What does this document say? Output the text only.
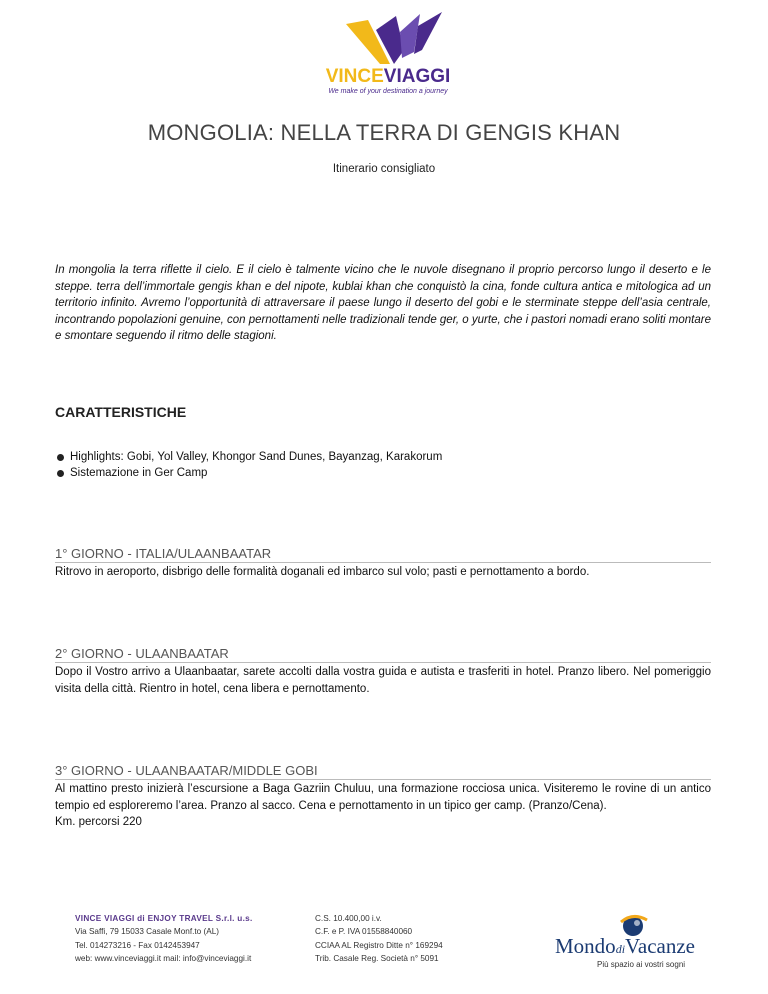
VINCEVIAGGI
We make of your destination a journey
MONGOLIA: NELLA TERRA DI GENGIS KHAN
Itinerario consigliato
In mongolia la terra riflette il cielo. E il cielo è talmente vicino che le nuvole disegnano il proprio percorso lungo il deserto e le steppe. terra dell’immortale gengis khan e del nipote, kublai khan che conquistò la cina, fonde cultura antica e mitologica ad un territorio infinito. Avremo l’opportunità di attraversare il paese lungo il deserto del gobi e le sterminate steppe dell’asia centrale, incontrando popolazioni genuine, con pernottamenti nelle tradizionali tende ger, o yurte, che i pastori nomadi erano soliti montare e smontare seguendo il ritmo delle stagioni.
CARATTERISTICHE
Highlights: Gobi, Yol Valley, Khongor Sand Dunes, Bayanzag, Karakorum
Sistemazione in Ger Camp
1° GIORNO - ITALIA/ULAANBAATAR
Ritrovo in aeroporto, disbrigo delle formalità doganali ed imbarco sul volo; pasti e pernottamento a bordo.
2° GIORNO - ULAANBAATAR
Dopo il Vostro arrivo a Ulaanbaatar, sarete accolti dalla vostra guida e autista e trasferiti in hotel. Pranzo libero. Nel pomeriggio visita della città. Rientro in hotel, cena libera e pernottamento.
3° GIORNO - ULAANBAATAR/MIDDLE GOBI
Al mattino presto inizierà l’escursione a Baga Gazriin Chuluu, una formazione rocciosa unica. Visiteremo le rovine di un antico tempio ed esploreremo l’area. Pranzo al sacco. Cena e pernottamento in un tipico ger camp. (Pranzo/Cena).
Km. percorsi 220
VINCE VIAGGI di ENJOY TRAVEL S.r.l. u.s.
Via Saffi, 79 15033 Casale Monf.to (AL)
Tel. 014273216 - Fax 0142453947
web: www.vinceviaggi.it mail: info@vinceviaggi.it
C.S. 10.400,00 i.v.
C.F. e P. IVA 01558840060
CCIAA AL Registro Ditte n° 169294
Trib. Casale Reg. Società n° 5091
MondodiVacanze
Più spazio ai vostri sogni
